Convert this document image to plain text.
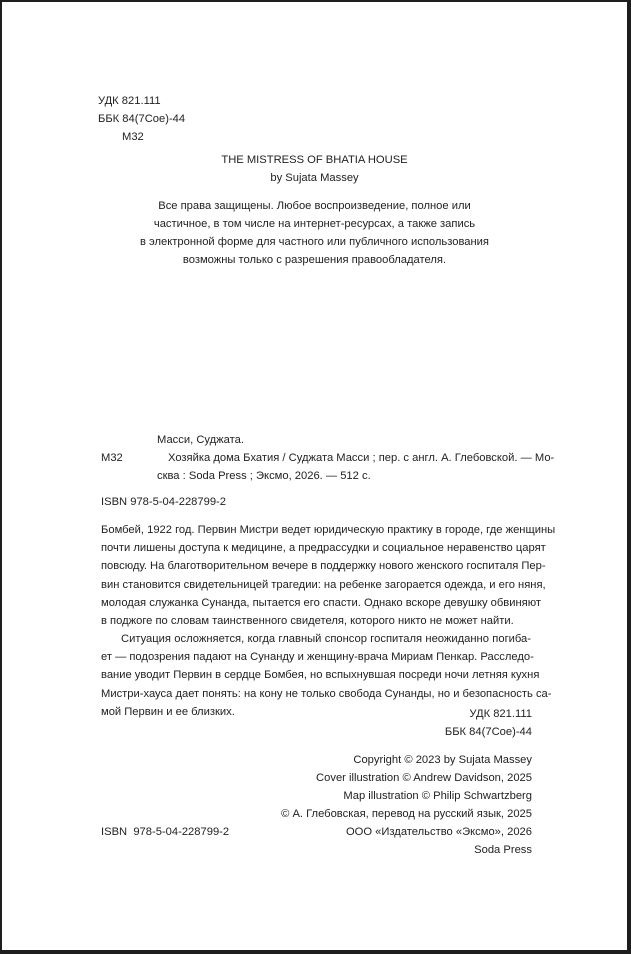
УДК 821.111
ББК 84(7Сое)-44
М32
THE MISTRESS OF BHATIA HOUSE
by Sujata Massey
Все права защищены. Любое воспроизведение, полное или
частичное, в том числе на интернет-ресурсах, а также запись
в электронной форме для частного или публичного использования
возможны только с разрешения правообладателя.
Масси, Суджата.
М32	Хозяйка дома Бхатия / Суджата Масси ; пер. с англ. А. Глебовской. — Мо-
сква : Soda Press ; Эксмо, 2026. — 512 с.
ISBN 978-5-04-228799-2
Бомбей, 1922 год. Первин Мистри ведет юридическую практику в городе, где женщины
почти лишены доступа к медицине, а предрассудки и социальное неравенство царят
повсюду. На благотворительном вечере в поддержку нового женского госпиталя Пер-
вин становится свидетельницей трагедии: на ребенке загорается одежда, и его няня,
молодая служанка Сунанда, пытается его спасти. Однако вскоре девушку обвиняют
в поджоге по словам таинственного свидетеля, которого никто не может найти.
Ситуация осложняется, когда главный спонсор госпиталя неожиданно погиба-
ет — подозрения падают на Сунанду и женщину-врача Мириам Пенкар. Расследо-
вание уводит Первин в сердце Бомбея, но вспыхнувшая посреди ночи летняя кухня
Мистри-хауса дает понять: на кону не только свобода Сунанды, но и безопасность са-
мой Первин и ее близких.	УДК 821.111
ББК 84(7Сое)-44
Copyright © 2023 by Sujata Massey
Cover illustration © Andrew Davidson, 2025
Map illustration © Philip Schwartzberg
© А. Глебовская, перевод на русский язык, 2025
ООО «Издательство «Эксмо», 2026
Soda Press
ISBN  978-5-04-228799-2
